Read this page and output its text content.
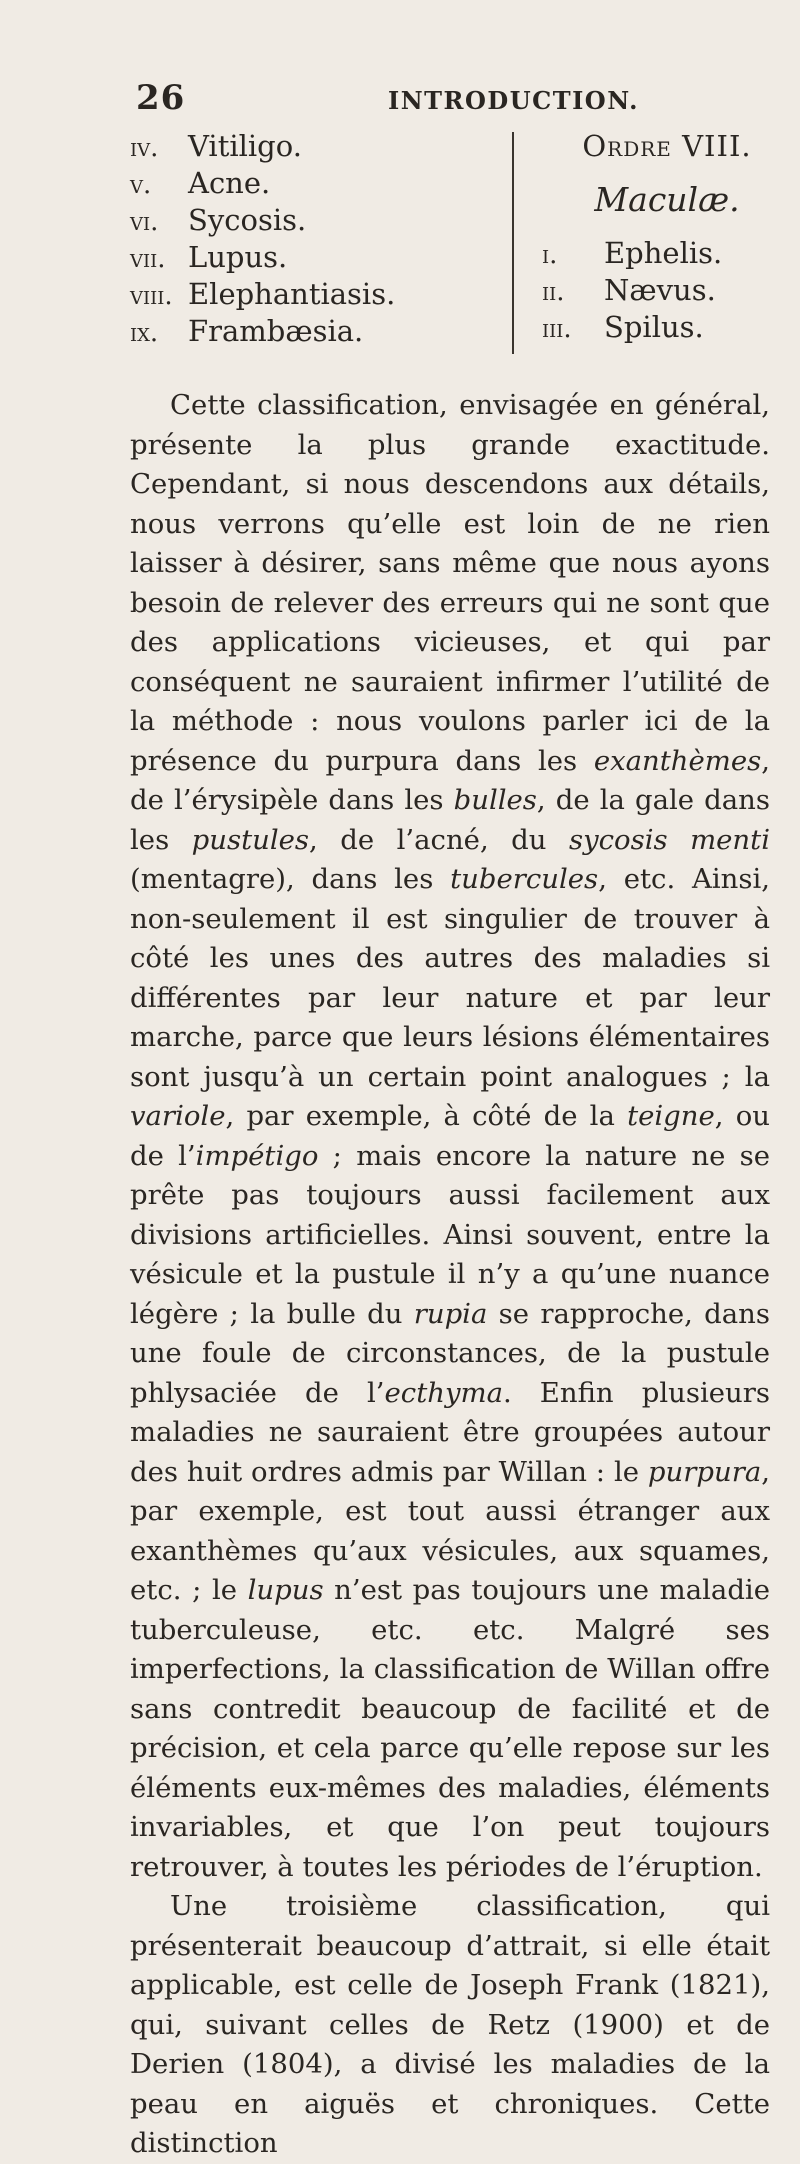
26	INTRODUCTION.
iv. Vitiligo.
v. Acne.
vi. Sycosis.
vii. Lupus.
viii. Elephantiasis.
ix. Frambæsia.
Ordre VIII.
Maculæ.
i. Ephelis.
ii. Nævus.
iii. Spilus.

Cette classification, envisagée en général, présente la plus grande exactitude. Cependant, si nous descendons aux détails, nous verrons qu’elle est loin de ne rien laisser à désirer, sans même que nous ayons besoin de relever des erreurs qui ne sont que des applications vicieuses, et qui par conséquent ne sauraient infirmer l’utilité de la méthode : nous voulons parler ici de la présence du purpura dans les exanthèmes, de l’érysipèle dans les bulles, de la gale dans les pustules, de l’acné, du sycosis menti (mentagre), dans les tubercules, etc. Ainsi, non-seulement il est singulier de trouver à côté les unes des autres des maladies si différentes par leur nature et par leur marche, parce que leurs lésions élémentaires sont jusqu’à un certain point analogues ; la variole, par exemple, à côté de la teigne, ou de l’impétigo ; mais encore la nature ne se prête pas toujours aussi facilement aux divisions artificielles. Ainsi souvent, entre la vésicule et la pustule il n’y a qu’une nuance légère ; la bulle du rupia se rapproche, dans une foule de circonstances, de la pustule phlysaciée de l’ecthyma. Enfin plusieurs maladies ne sauraient être groupées autour des huit ordres admis par Willan : le purpura, par exemple, est tout aussi étranger aux exanthèmes qu’aux vésicules, aux squames, etc. ; le lupus n’est pas toujours une maladie tuberculeuse, etc. etc. Malgré ses imperfections, la classification de Willan offre sans contredit beaucoup de facilité et de précision, et cela parce qu’elle repose sur les éléments eux-mêmes des maladies, éléments invariables, et que l’on peut toujours retrouver, à toutes les périodes de l’éruption.

Une troisième classification, qui présenterait beaucoup d’attrait, si elle était applicable, est celle de Joseph Frank (1821), qui, suivant celles de Retz (1900) et de Derien (1804), a divisé les maladies de la peau en aiguës et chroniques. Cette distinction
